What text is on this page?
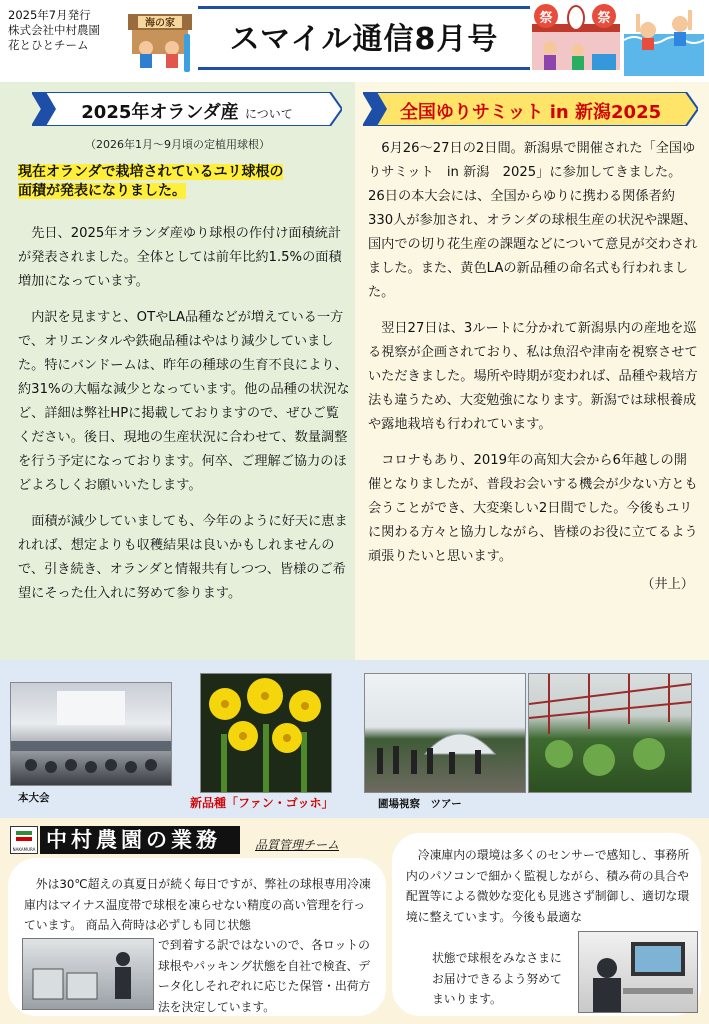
2025年7月発行
株式会社中村農園
花とひとチーム
海の家	スマイル通信8月号
祭	祭
2025年オランダ産 について
（2026年1月～9月頃の定植用球根）
現在オランダで栽培されているユリ球根の
面積が発表になりました。

先日、2025年オランダ産ゆり球根の作付け面積統計が発表されました。全体としては前年比約1.5%の面積増加になっています。

内訳を見ますと、OTやLA品種などが増えている一方で、オリエンタルや鉄砲品種はやはり減少していました。特にバンドームは、昨年の種球の生育不良により、約31%の大幅な減少となっています。他の品種の状況など、詳細は弊社HPに掲載しておりますので、ぜひご覧ください。後日、現地の生産状況に合わせて、数量調整を行う予定になっております。何卒、ご理解ご協力のほどよろしくお願いいたします。

面積が減少していましても、今年のように好天に恵まれれば、想定よりも収穫結果は良いかもしれませんので、引き続き、オランダと情報共有しつつ、皆様のご希望にそった仕入れに努めて参ります。

全国ゆりサミット in 新潟2025

6月26～27日の2日間。新潟県で開催された「全国ゆりサミット　in 新潟　2025」に参加してきました。26日の本大会には、全国からゆりに携わる関係者約330人が参加され、オランダの球根生産の状況や課題、国内での切り花生産の課題などについて意見が交わされました。また、黄色LAの新品種の命名式も行われました。

翌日27日は、3ルートに分かれて新潟県内の産地を巡る視察が企画されており、私は魚沼や津南を視察させていただきました。場所や時期が変われば、品種や栽培方法も違うため、大変勉強になります。新潟では球根養成や露地栽培も行われています。

コロナもあり、2019年の高知大会から6年越しの開催となりましたが、普段お会いする機会が少ない方とも会うことができ、大変楽しい2日間でした。今後もユリに関わる方々と協力しながら、皆様のお役に立てるよう頑張りたいと思います。

（井上）
本大会	新品種「ファン・ゴッホ」	圃場視察　ツアー
NAKAMURA 中村農園の業務	品質管理チーム
外は30℃超えの真夏日が続く毎日ですが、弊社の球根専用冷凍庫内はマイナス温度帯で球根を凍らせない精度の高い管理を行っています。 商品入荷時は必ずしも同じ状態
で到着する訳ではないので、各ロットの球根やパッキング状態を自社で検査、データ化しそれぞれに応じた保管・出荷方法を決定しています。
冷凍庫内の環境は多くのセンサーで感知し、事務所内のパソコンで細かく監視しながら、積み荷の具合や配置等による微妙な変化も見逃さず制御し、適切な環境に整えています。今後も最適な
状態で球根をみなさまにお届けできるよう努めてまいります。
